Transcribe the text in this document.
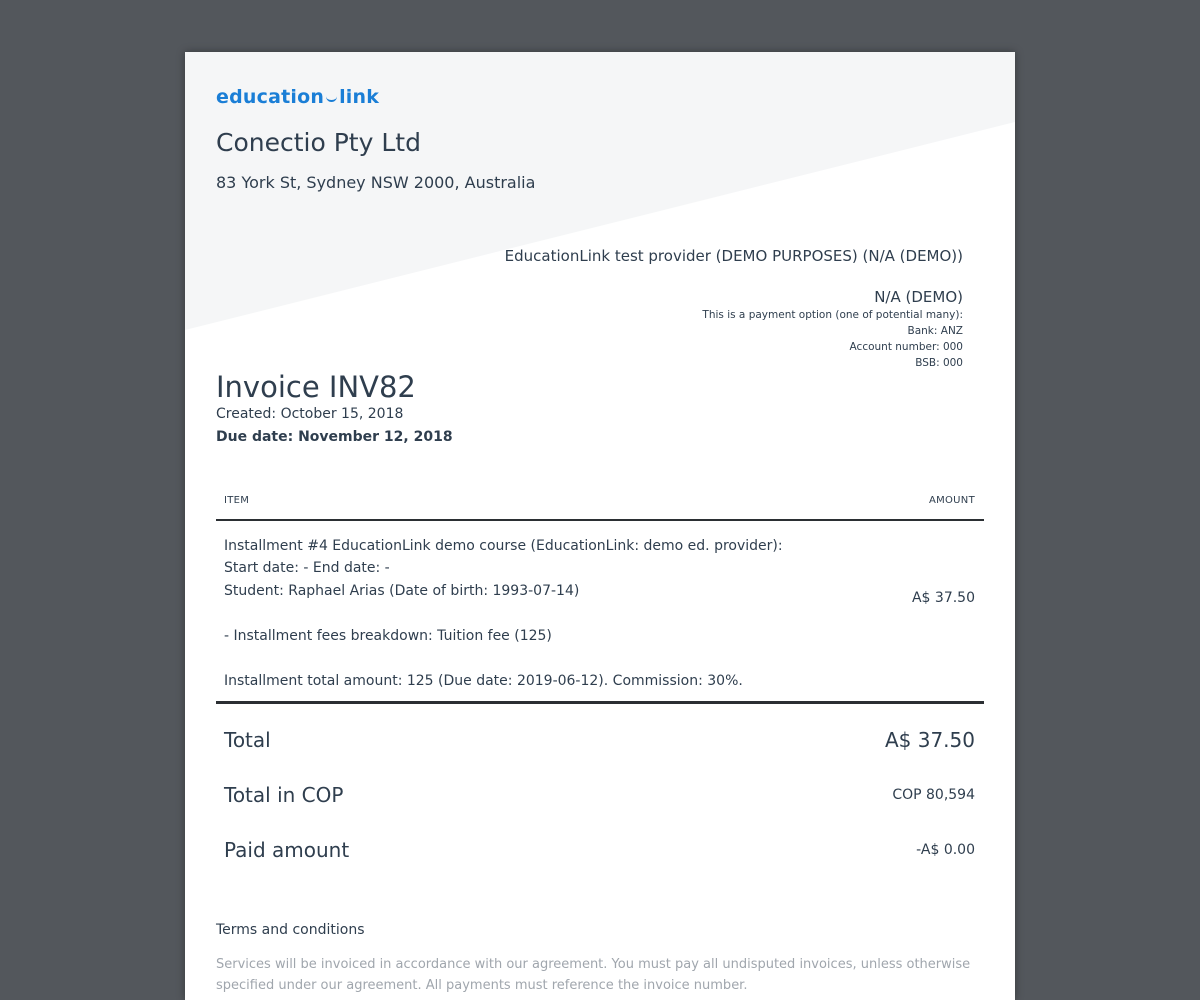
education link
Conectio Pty Ltd
83 York St, Sydney NSW 2000, Australia
EducationLink test provider (DEMO PURPOSES) (N/A (DEMO))
N/A (DEMO)
This is a payment option (one of potential many):
Bank: ANZ
Account number: 000
BSB: 000
Invoice INV82
Created: October 15, 2018
Due date: November 12, 2018
ITEM	AMOUNT
Installment #4 EducationLink demo course (EducationLink: demo ed. provider):
Start date: - End date: -
Student: Raphael Arias (Date of birth: 1993-07-14)
- Installment fees breakdown: Tuition fee (125)
Installment total amount: 125 (Due date: 2019-06-12). Commission: 30%.
A$ 37.50
Total	A$ 37.50
Total in COP	COP 80,594
Paid amount	-A$ 0.00
Terms and conditions
Services will be invoiced in accordance with our agreement. You must pay all undisputed invoices, unless otherwise specified under our agreement. All payments must reference the invoice number.
